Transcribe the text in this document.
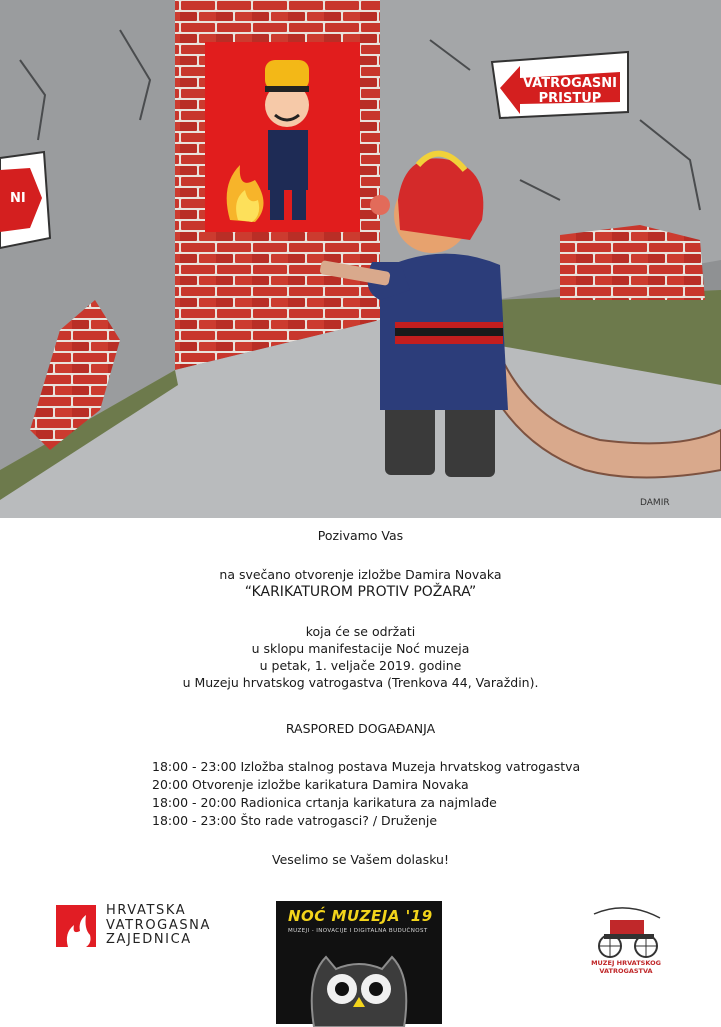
VATROGASNI
PRISTUP
NI
DAMIR
Pozivamo Vas
na svečano otvorenje izložbe Damira Novaka
“KARIKATUROM PROTIV POŽARA”
koja će se održati
u sklopu manifestacije Noć muzeja
u petak, 1. veljače 2019. godine
u Muzeju hrvatskog vatrogastva (Trenkova 44, Varaždin).
RASPORED DOGAĐANJA
18:00 - 23:00 Izložba stalnog postava Muzeja hrvatskog vatrogastva
20:00 Otvorenje izložbe karikatura Damira Novaka
18:00 - 20:00 Radionica crtanja karikatura za najmlađe
18:00 - 23:00 Što rade vatrogasci? / Druženje
Veselimo se Vašem dolasku!
HRVATSKA
VATROGASNA
ZAJEDNICA
NOĆ MUZEJA '19
MUZEJI - INOVACIJE I DIGITALNA BUDUĆNOST
MUZEJ HRVATSKOG
VATROGASTVA
